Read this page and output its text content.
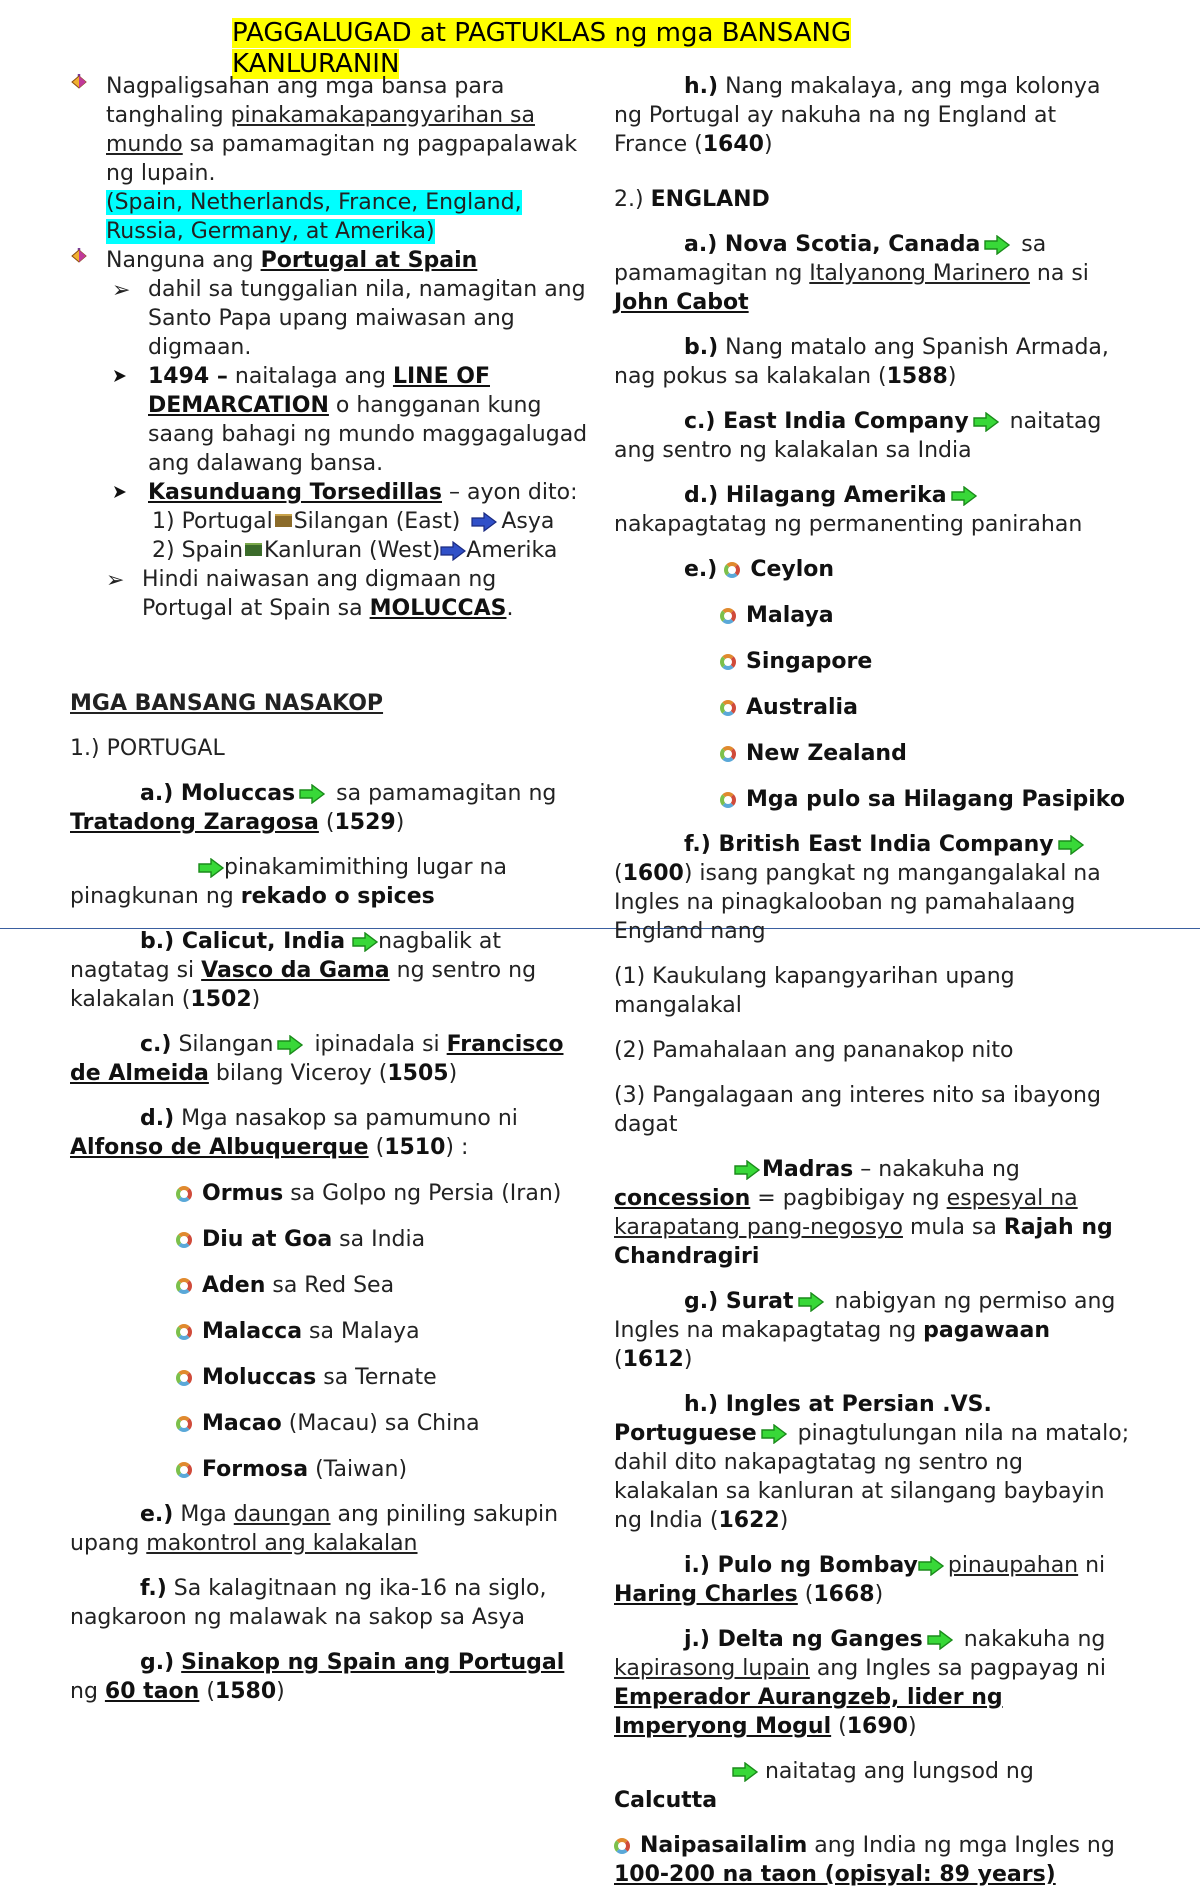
PAGGALUGAD at PAGTUKLAS ng mga BANSANG KANLURANIN

Nagpaligsahan ang mga bansa para tanghaling pinakamakapangyarihan sa mundo sa pamamagitan ng pagpapalawak ng lupain.
(Spain, Netherlands, France, England, Russia, Germany, at Amerika)

Nanguna ang Portugal at Spain

➢ dahil sa tunggalian nila, namagitan ang Santo Papa upang maiwasan ang digmaan.

1494 – naitalaga ang LINE OF DEMARCATION o hangganan kung saang bahagi ng mundo maggagalugad ang dalawang bansa.

Kasunduang Torsedillas – ayon dito:

1) Portugal Silangan (East) Asya

2) Spain Kanluran (West) Amerika

➢ Hindi naiwasan ang digmaan ng Portugal at Spain sa MOLUCCAS.

MGA BANSANG NASAKOP

1.) PORTUGAL

a.) Moluccas sa pamamagitan ng Tratadong Zaragosa (1529)

pinakamimithing lugar na pinagkunan ng rekado o spices

b.) Calicut, India nagbalik at nagtatag si Vasco da Gama ng sentro ng kalakalan (1502)

c.) Silangan ipinadala si Francisco de Almeida bilang Viceroy (1505)

d.) Mga nasakop sa pamumuno ni Alfonso de Albuquerque (1510) :

Ormus sa Golpo ng Persia (Iran)

Diu at Goa sa India

Aden sa Red Sea

Malacca sa Malaya

Moluccas sa Ternate

Macao (Macau) sa China

Formosa (Taiwan)

e.) Mga daungan ang piniling sakupin upang makontrol ang kalakalan

f.) Sa kalagitnaan ng ika-16 na siglo, nagkaroon ng malawak na sakop sa Asya

g.) Sinakop ng Spain ang Portugal ng 60 taon (1580)

h.) Nang makalaya, ang mga kolonya ng Portugal ay nakuha na ng England at France (1640)

2.) ENGLAND

a.) Nova Scotia, Canada sa pamamagitan ng Italyanong Marinero na si John Cabot

b.) Nang matalo ang Spanish Armada, nag pokus sa kalakalan (1588)

c.) East India Company naitatag ang sentro ng kalakalan sa India

d.) Hilagang Amerika nakapagtatag ng permanenting panirahan

e.) Ceylon

Malaya

Singapore

Australia

New Zealand

Mga pulo sa Hilagang Pasipiko

f.) British East India Company (1600) isang pangkat ng mangangalakal na Ingles na pinagkalooban ng pamahalaang England nang

(1) Kaukulang kapangyarihan upang mangalakal

(2) Pamahalaan ang pananakop nito

(3) Pangalagaan ang interes nito sa ibayong dagat

Madras – nakakuha ng concession = pagbibigay ng espesyal na karapatang pang-negosyo mula sa Rajah ng Chandragiri

g.) Surat nabigyan ng permiso ang Ingles na makapagtatag ng pagawaan (1612)

h.) Ingles at Persian .VS. Portuguese pinagtulungan nila na matalo; dahil dito nakapagtatag ng sentro ng kalakalan sa kanluran at silangang baybayin ng India (1622)

i.) Pulo ng Bombay pinaupahan ni Haring Charles (1668)

j.) Delta ng Ganges nakakuha ng kapirasong lupain ang Ingles sa pagpayag ni Emperador Aurangzeb, lider ng Imperyong Mogul (1690)

naitatag ang lungsod ng Calcutta

Naipasailalim ang India ng mga Ingles ng 100-200 na taon (opisyal: 89 years)
